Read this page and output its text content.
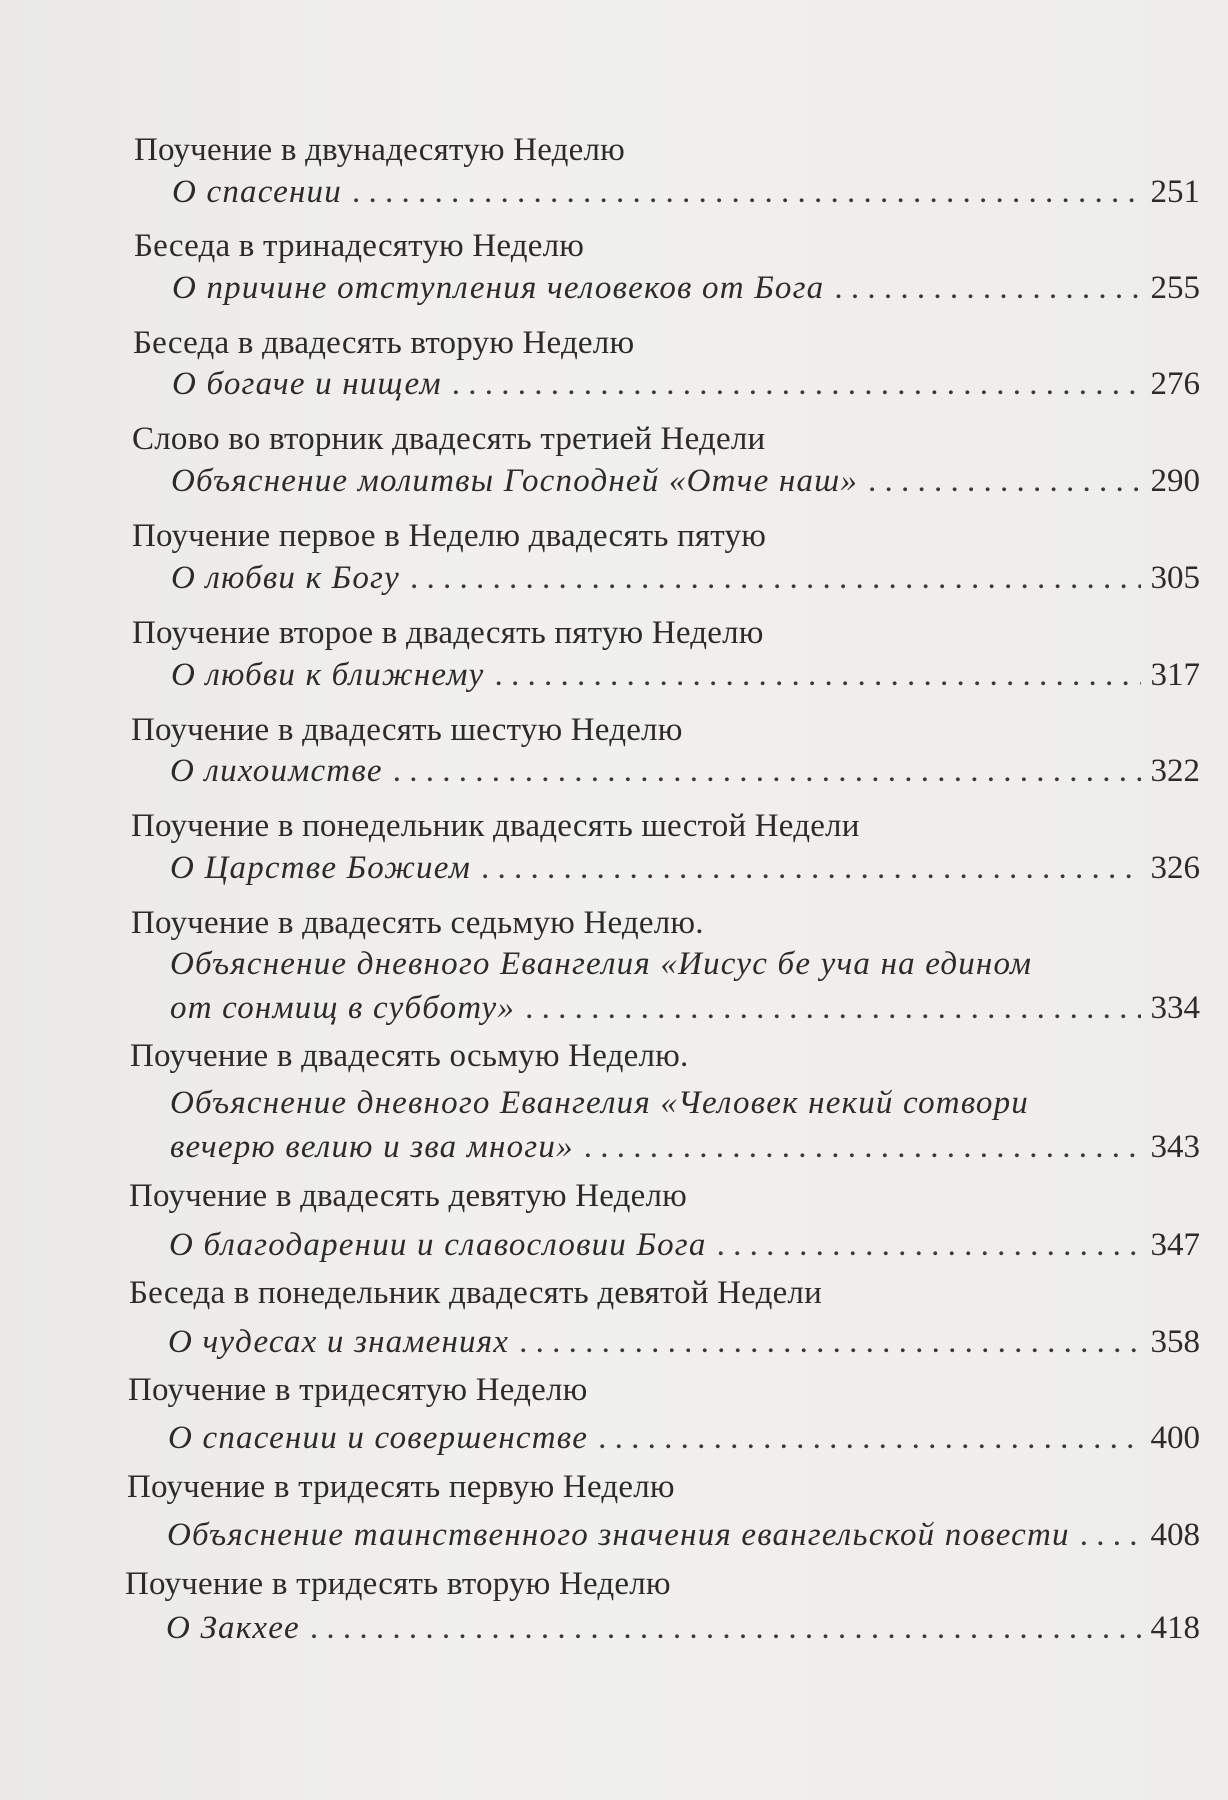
Поучение в двунадесятую Неделю
О спасении . . .	251
Беседа в тринадесятую Неделю
О причине отступления человеков от Бога . . .	255
Беседа в двадесять вторую Неделю
О богаче и нищем . . .	276
Слово во вторник двадесять третией Недели
Объяснение молитвы Господней «Отче наш» . . .	290
Поучение первое в Неделю двадесять пятую
О любви к Богу . . .	305
Поучение второе в двадесять пятую Неделю
О любви к ближнему . . .	317
Поучение в двадесять шестую Неделю
О лихоимстве . . .	322
Поучение в понедельник двадесять шестой Недели
О Царстве Божием . . .	326
Поучение в двадесять седьмую Неделю.
Объяснение дневного Евангелия «Иисус бе уча на едином
от сонмищ в субботу» . . .	334
Поучение в двадесять осьмую Неделю.
Объяснение дневного Евангелия «Человек некий сотвори
вечерю велию и зва многи» . . .	343
Поучение в двадесять девятую Неделю
О благодарении и славословии Бога . . .	347
Беседа в понедельник двадесять девятой Недели
О чудесах и знамениях . . .	358
Поучение в тридесятую Неделю
О спасении и совершенстве . . .	400
Поучение в тридесять первую Неделю
Объяснение таинственного значения евангельской повести . . . 408
Поучение в тридесять вторую Неделю
О Закхее . . .	418
